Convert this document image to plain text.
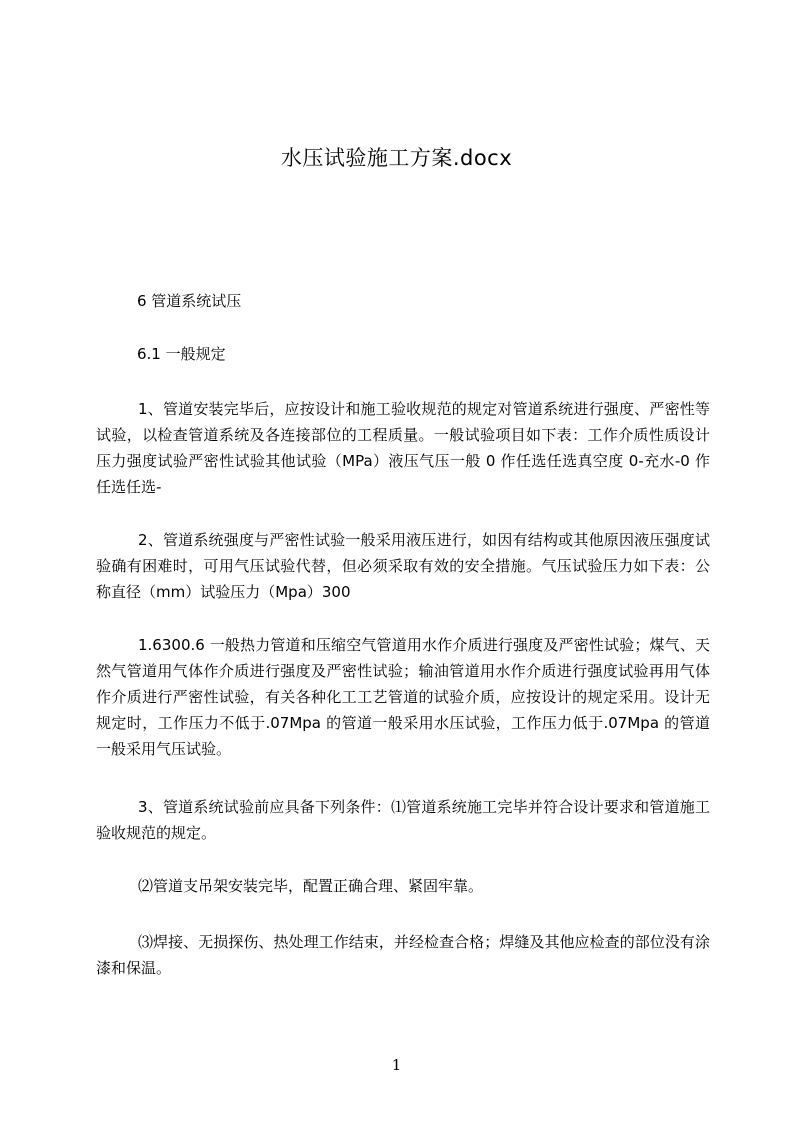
水压试验施工方案.docx
6 管道系统试压
6.1 一般规定
1、管道安装完毕后，应按设计和施工验收规范的规定对管道系统进行强度、严密性等试验，以检查管道系统及各连接部位的工程质量。一般试验项目如下表：工作介质性质设计压力强度试验严密性试验其他试验（MPa）液压气压一般 0 作任选任选真空度 0-充水-0 作任选任选-
2、管道系统强度与严密性试验一般采用液压进行，如因有结构或其他原因液压强度试验确有困难时，可用气压试验代替，但必须采取有效的安全措施。气压试验压力如下表：公称直径（mm）试验压力（Mpa）300
1.6300.6 一般热力管道和压缩空气管道用水作介质进行强度及严密性试验；煤气、天然气管道用气体作介质进行强度及严密性试验；输油管道用水作介质进行强度试验再用气体作介质进行严密性试验，有关各种化工工艺管道的试验介质，应按设计的规定采用。设计无规定时，工作压力不低于.07Mpa 的管道一般采用水压试验，工作压力低于.07Mpa 的管道一般采用气压试验。
3、管道系统试验前应具备下列条件：⑴管道系统施工完毕并符合设计要求和管道施工验收规范的规定。
⑵管道支吊架安装完毕，配置正确合理、紧固牢靠。
⑶焊接、无损探伤、热处理工作结束，并经检查合格；焊缝及其他应检查的部位没有涂漆和保温。
1
